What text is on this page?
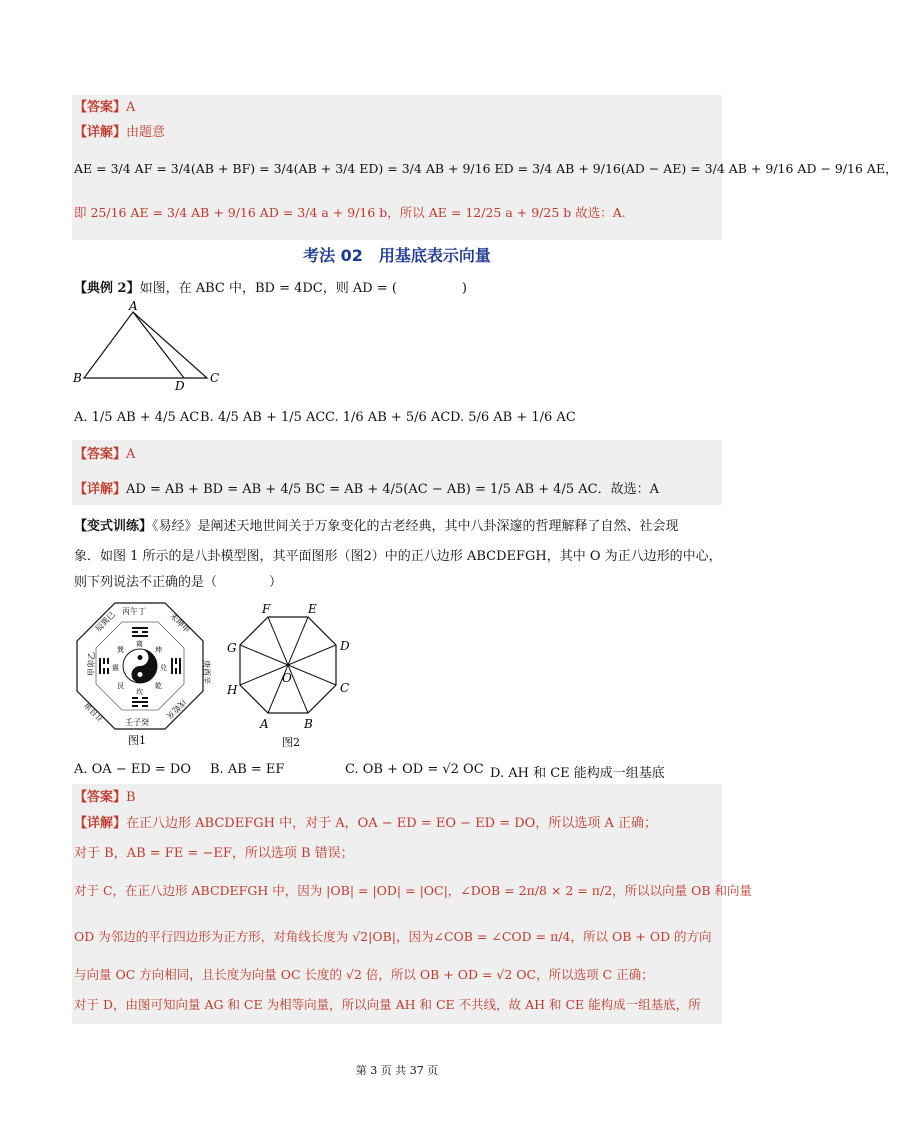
【答案】A
【详解】由题意
AE = 3/4 AF = 3/4(AB + BF) = 3/4(AB + 3/4 ED) = 3/4 AB + 9/16 ED = 3/4 AB + 9/16(AD − AE) = 3/4 AB + 9/16 AD − 9/16 AE，
即 25/16 AE = 3/4 AB + 9/16 AD = 3/4 a + 9/16 b，所以 AE = 12/25 a + 9/25 b 故选：A.
考法 02　用基底表示向量
【典例 2】如图，在 ABC 中，BD = 4DC，则 AD = (　　　　　)
A
B
D
C
A. 1/5 AB + 4/5 AC B. 4/5 AB + 1/5 AC C. 1/6 AB + 5/6 AC D. 5/6 AB + 1/6 AC
【答案】A
【详解】AD = AB + BD = AB + 4/5 BC = AB + 4/5(AC − AB) = 1/5 AB + 4/5 AC．故选：A
【变式训练】《易经》是阐述天地世间关于万象变化的古老经典，其中八卦深邃的哲理解释了自然、社会现
象．如图 1 所示的是八卦模型图，其平面图形（图2）中的正八边形 ABCDEFGH，其中 O 为正八边形的中心，
则下列说法不正确的是（　　　　）
丙午丁	未坤申
庚酉辛
戌乾亥
壬子癸
丑艮寅
甲卯乙
辰巽巳
离
坤
兑
乾
坎
艮
震
巽
图1
A	B
C
D
E
F
G
H
O
图2
A. OA − ED = DO B. AB = EF	C. OB + OD = √2 OC D. AH 和 CE 能构成一组基底
【答案】B
【详解】在正八边形 ABCDEFGH 中，对于 A，OA − ED = EO − ED = DO，所以选项 A 正确；
对于 B，AB = FE = −EF，所以选项 B 错误；
对于 C，在正八边形 ABCDEFGH 中，因为 |OB| = |OD| = |OC|，∠DOB = 2π/8 × 2 = π/2，所以以向量 OB 和向量
OD 为邻边的平行四边形为正方形，对角线长度为 √2|OB|，因为∠COB = ∠COD = π/4，所以 OB + OD 的方向
与向量 OC 方向相同，且长度为向量 OC 长度的 √2 倍，所以 OB + OD = √2 OC，所以选项 C 正确；
对于 D，由图可知向量 AG 和 CE 为相等向量，所以向量 AH 和 CE 不共线，故 AH 和 CE 能构成一组基底，所
第 3 页 共 37 页
